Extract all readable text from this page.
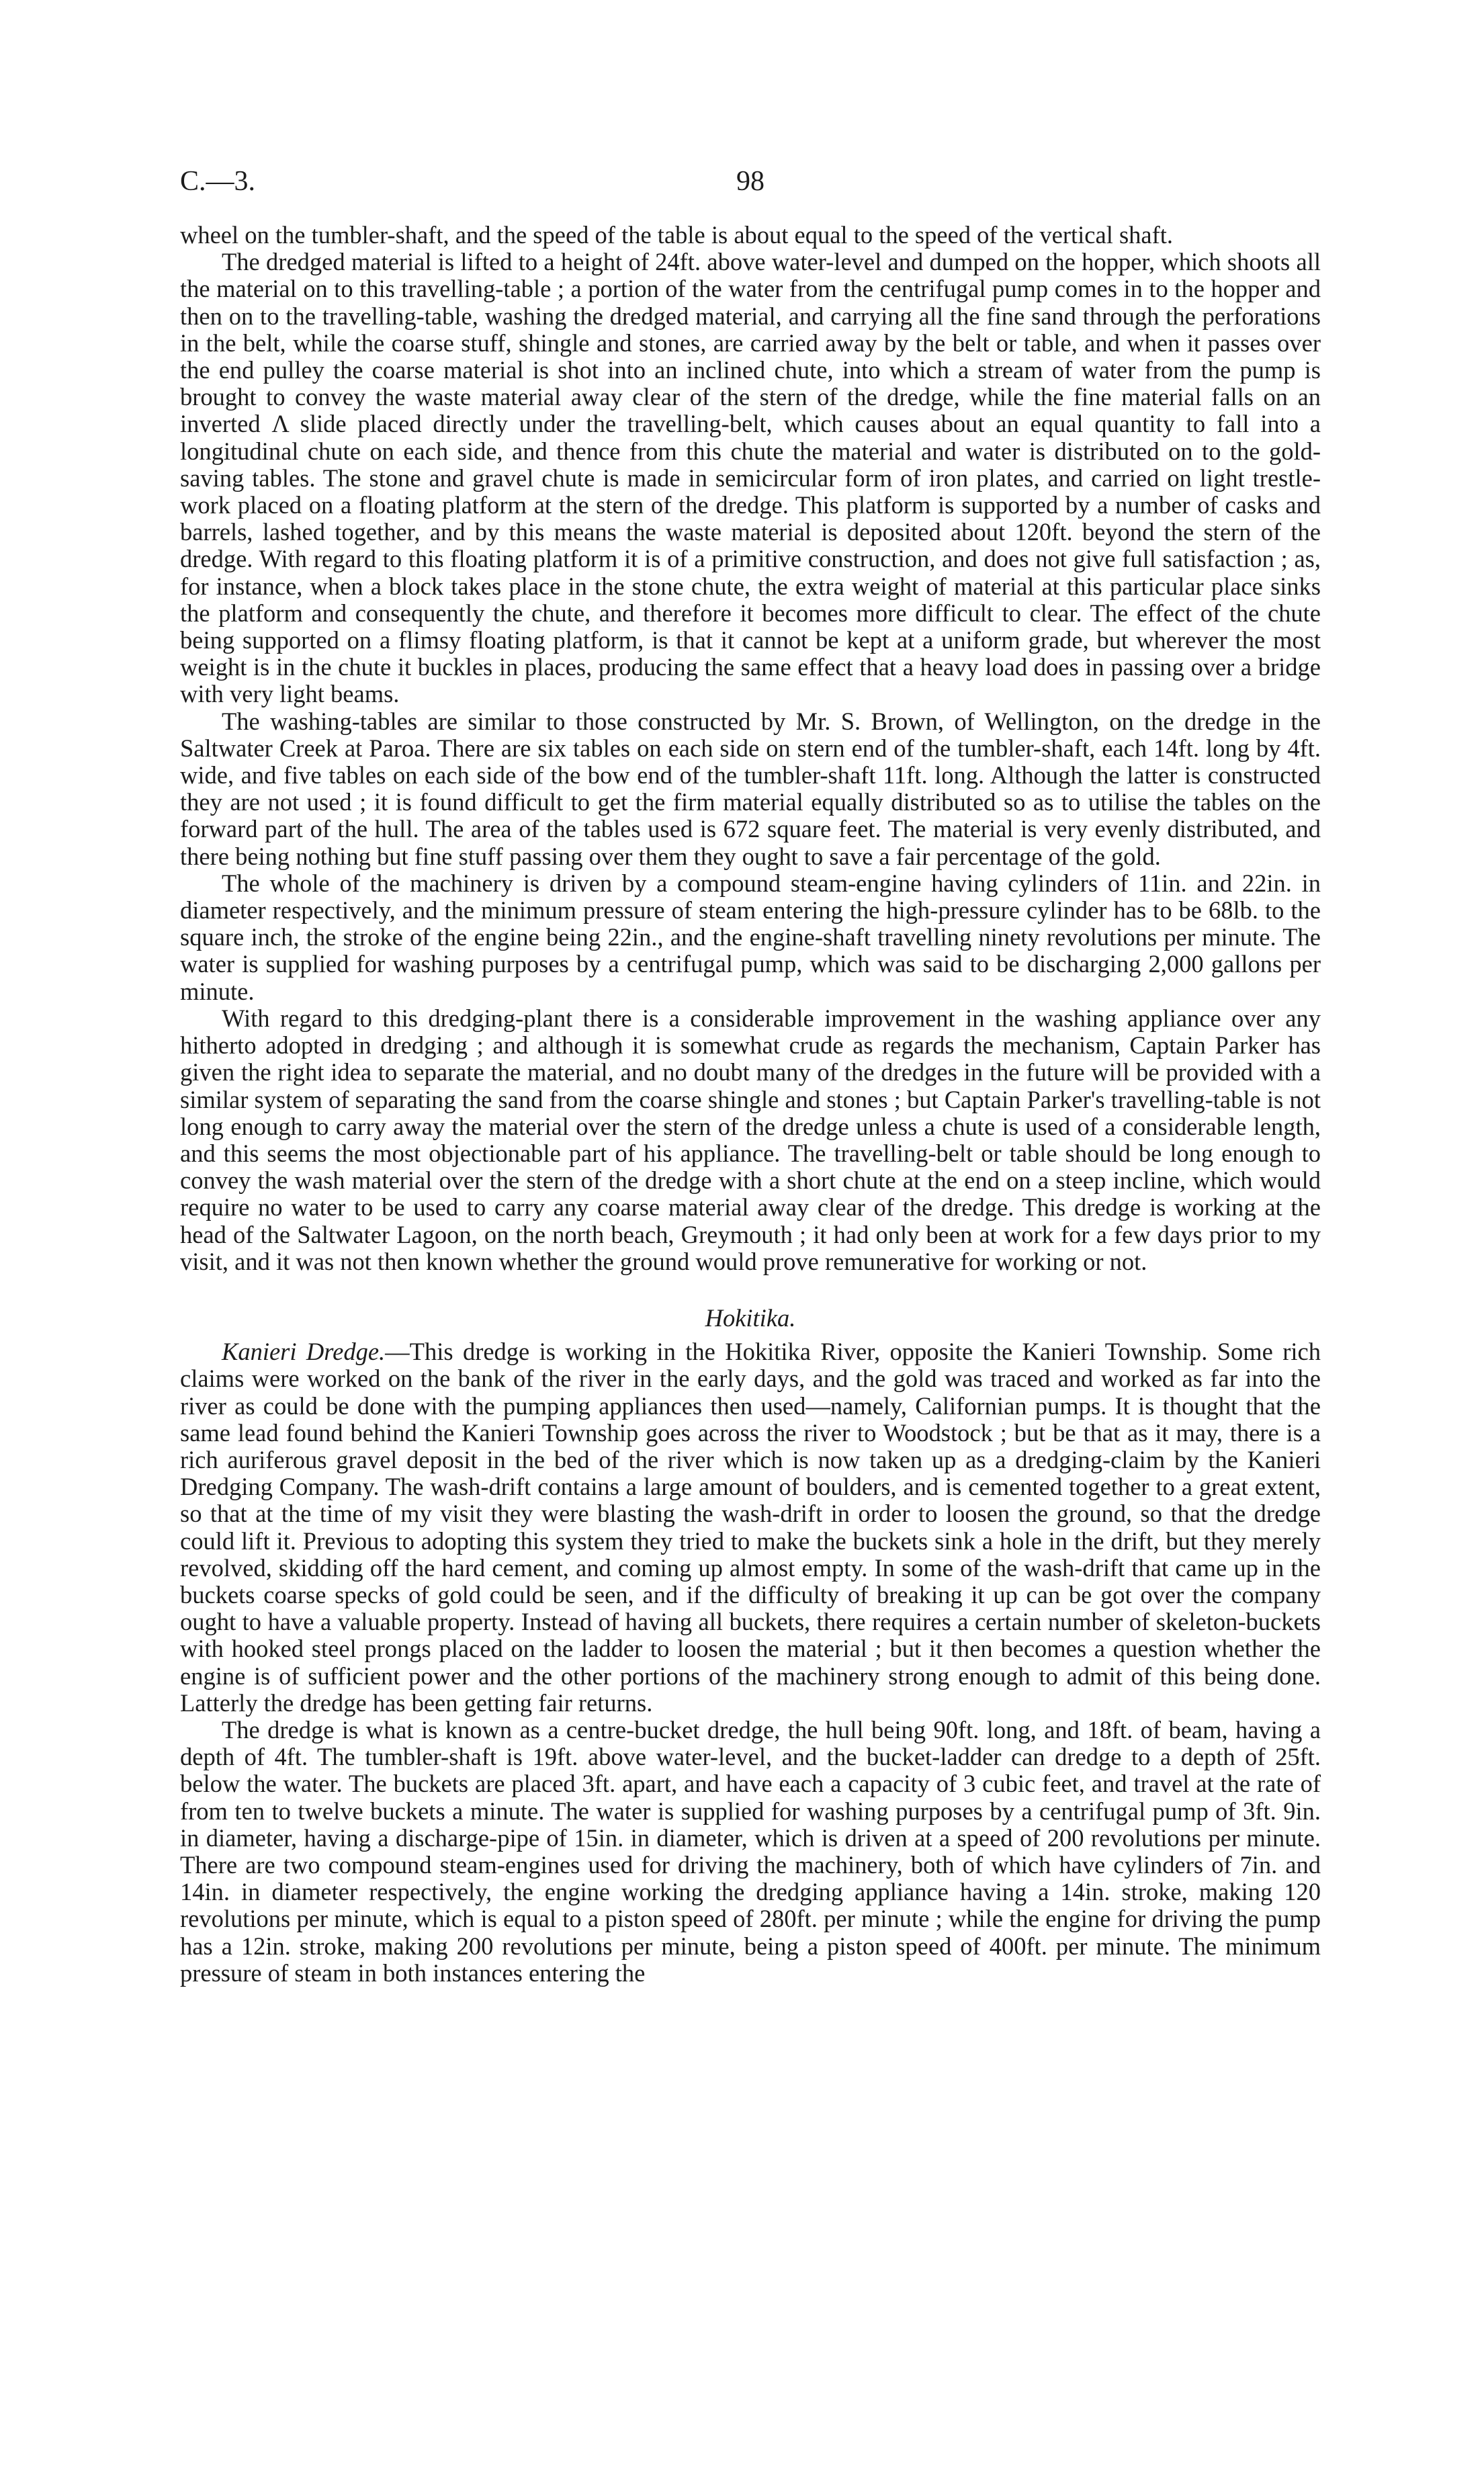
C.—3.	98

wheel on the tumbler-shaft, and the speed of the table is about equal to the speed of the vertical shaft.

The dredged material is lifted to a height of 24ft. above water-level and dumped on the hopper, which shoots all the material on to this travelling-table ; a portion of the water from the centrifugal pump comes in to the hopper and then on to the travelling-table, washing the dredged material, and carrying all the fine sand through the perforations in the belt, while the coarse stuff, shingle and stones, are carried away by the belt or table, and when it passes over the end pulley the coarse material is shot into an inclined chute, into which a stream of water from the pump is brought to convey the waste material away clear of the stern of the dredge, while the fine material falls on an inverted Λ slide placed directly under the travelling-belt, which causes about an equal quantity to fall into a longitudinal chute on each side, and thence from this chute the material and water is distributed on to the gold-saving tables. The stone and gravel chute is made in semicircular form of iron plates, and carried on light trestle-work placed on a floating platform at the stern of the dredge. This platform is supported by a number of casks and barrels, lashed together, and by this means the waste material is deposited about 120ft. beyond the stern of the dredge. With regard to this floating platform it is of a primitive construction, and does not give full satisfaction ; as, for instance, when a block takes place in the stone chute, the extra weight of material at this particular place sinks the platform and consequently the chute, and therefore it becomes more difficult to clear. The effect of the chute being supported on a flimsy floating platform, is that it cannot be kept at a uniform grade, but wherever the most weight is in the chute it buckles in places, producing the same effect that a heavy load does in passing over a bridge with very light beams.

The washing-tables are similar to those constructed by Mr. S. Brown, of Wellington, on the dredge in the Saltwater Creek at Paroa. There are six tables on each side on stern end of the tumbler-shaft, each 14ft. long by 4ft. wide, and five tables on each side of the bow end of the tumbler-shaft 11ft. long. Although the latter is constructed they are not used ; it is found difficult to get the firm material equally distributed so as to utilise the tables on the forward part of the hull. The area of the tables used is 672 square feet. The material is very evenly distributed, and there being nothing but fine stuff passing over them they ought to save a fair percentage of the gold.

The whole of the machinery is driven by a compound steam-engine having cylinders of 11in. and 22in. in diameter respectively, and the minimum pressure of steam entering the high-pressure cylinder has to be 68lb. to the square inch, the stroke of the engine being 22in., and the engine-shaft travelling ninety revolutions per minute. The water is supplied for washing purposes by a centrifugal pump, which was said to be discharging 2,000 gallons per minute.

With regard to this dredging-plant there is a considerable improvement in the washing appliance over any hitherto adopted in dredging ; and although it is somewhat crude as regards the mechanism, Captain Parker has given the right idea to separate the material, and no doubt many of the dredges in the future will be provided with a similar system of separating the sand from the coarse shingle and stones ; but Captain Parker's travelling-table is not long enough to carry away the material over the stern of the dredge unless a chute is used of a considerable length, and this seems the most objectionable part of his appliance. The travelling-belt or table should be long enough to convey the wash material over the stern of the dredge with a short chute at the end on a steep incline, which would require no water to be used to carry any coarse material away clear of the dredge. This dredge is working at the head of the Saltwater Lagoon, on the north beach, Greymouth ; it had only been at work for a few days prior to my visit, and it was not then known whether the ground would prove remunerative for working or not.

Hokitika.

Kanieri Dredge.—This dredge is working in the Hokitika River, opposite the Kanieri Township. Some rich claims were worked on the bank of the river in the early days, and the gold was traced and worked as far into the river as could be done with the pumping appliances then used—namely, Californian pumps. It is thought that the same lead found behind the Kanieri Township goes across the river to Woodstock ; but be that as it may, there is a rich auriferous gravel deposit in the bed of the river which is now taken up as a dredging-claim by the Kanieri Dredging Company. The wash-drift contains a large amount of boulders, and is cemented together to a great extent, so that at the time of my visit they were blasting the wash-drift in order to loosen the ground, so that the dredge could lift it. Previous to adopting this system they tried to make the buckets sink a hole in the drift, but they merely revolved, skidding off the hard cement, and coming up almost empty. In some of the wash-drift that came up in the buckets coarse specks of gold could be seen, and if the difficulty of breaking it up can be got over the company ought to have a valuable property. Instead of having all buckets, there requires a certain number of skeleton-buckets with hooked steel prongs placed on the ladder to loosen the material ; but it then becomes a question whether the engine is of sufficient power and the other portions of the machinery strong enough to admit of this being done. Latterly the dredge has been getting fair returns.

The dredge is what is known as a centre-bucket dredge, the hull being 90ft. long, and 18ft. of beam, having a depth of 4ft. The tumbler-shaft is 19ft. above water-level, and the bucket-ladder can dredge to a depth of 25ft. below the water. The buckets are placed 3ft. apart, and have each a capacity of 3 cubic feet, and travel at the rate of from ten to twelve buckets a minute. The water is supplied for washing purposes by a centrifugal pump of 3ft. 9in. in diameter, having a discharge-pipe of 15in. in diameter, which is driven at a speed of 200 revolutions per minute. There are two compound steam-engines used for driving the machinery, both of which have cylinders of 7in. and 14in. in diameter respectively, the engine working the dredging appliance having a 14in. stroke, making 120 revolutions per minute, which is equal to a piston speed of 280ft. per minute ; while the engine for driving the pump has a 12in. stroke, making 200 revolutions per minute, being a piston speed of 400ft. per minute. The minimum pressure of steam in both instances entering the
